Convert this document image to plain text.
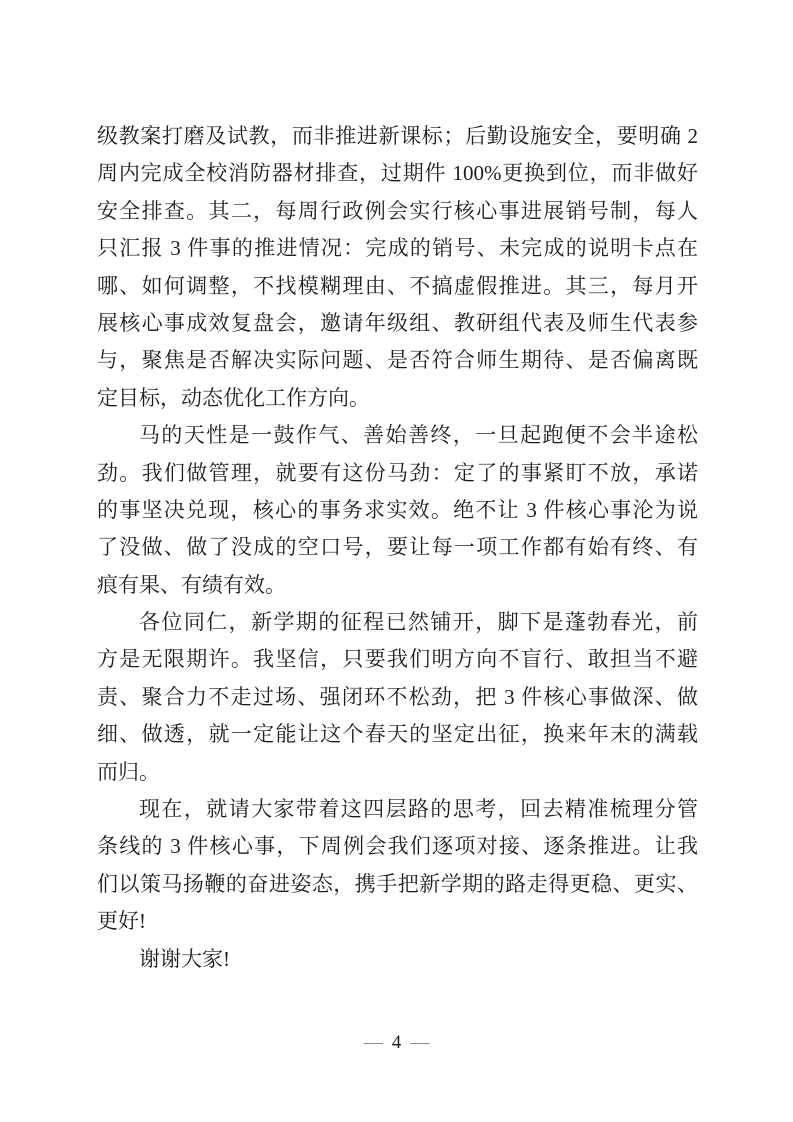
级教案打磨及试教，而非推进新课标；后勤设施安全，要明确 2
周内完成全校消防器材排查，过期件 100%更换到位，而非做好
安全排查。其二，每周行政例会实行核心事进展销号制，每人
只汇报 3 件事的推进情况：完成的销号、未完成的说明卡点在
哪、如何调整，不找模糊理由、不搞虚假推进。其三，每月开
展核心事成效复盘会，邀请年级组、教研组代表及师生代表参
与，聚焦是否解决实际问题、是否符合师生期待、是否偏离既
定目标，动态优化工作方向。
马的天性是一鼓作气、善始善终，一旦起跑便不会半途松
劲。我们做管理，就要有这份马劲：定了的事紧盯不放，承诺
的事坚决兑现，核心的事务求实效。绝不让 3 件核心事沦为说
了没做、做了没成的空口号，要让每一项工作都有始有终、有
痕有果、有绩有效。
各位同仁，新学期的征程已然铺开，脚下是蓬勃春光，前
方是无限期许。我坚信，只要我们明方向不盲行、敢担当不避
责、聚合力不走过场、强闭环不松劲，把 3 件核心事做深、做
细、做透，就一定能让这个春天的坚定出征，换来年末的满载
而归。
现在，就请大家带着这四层路的思考，回去精准梳理分管
条线的 3 件核心事，下周例会我们逐项对接、逐条推进。让我
们以策马扬鞭的奋进姿态，携手把新学期的路走得更稳、更实、
更好!
谢谢大家!
— 4 —
